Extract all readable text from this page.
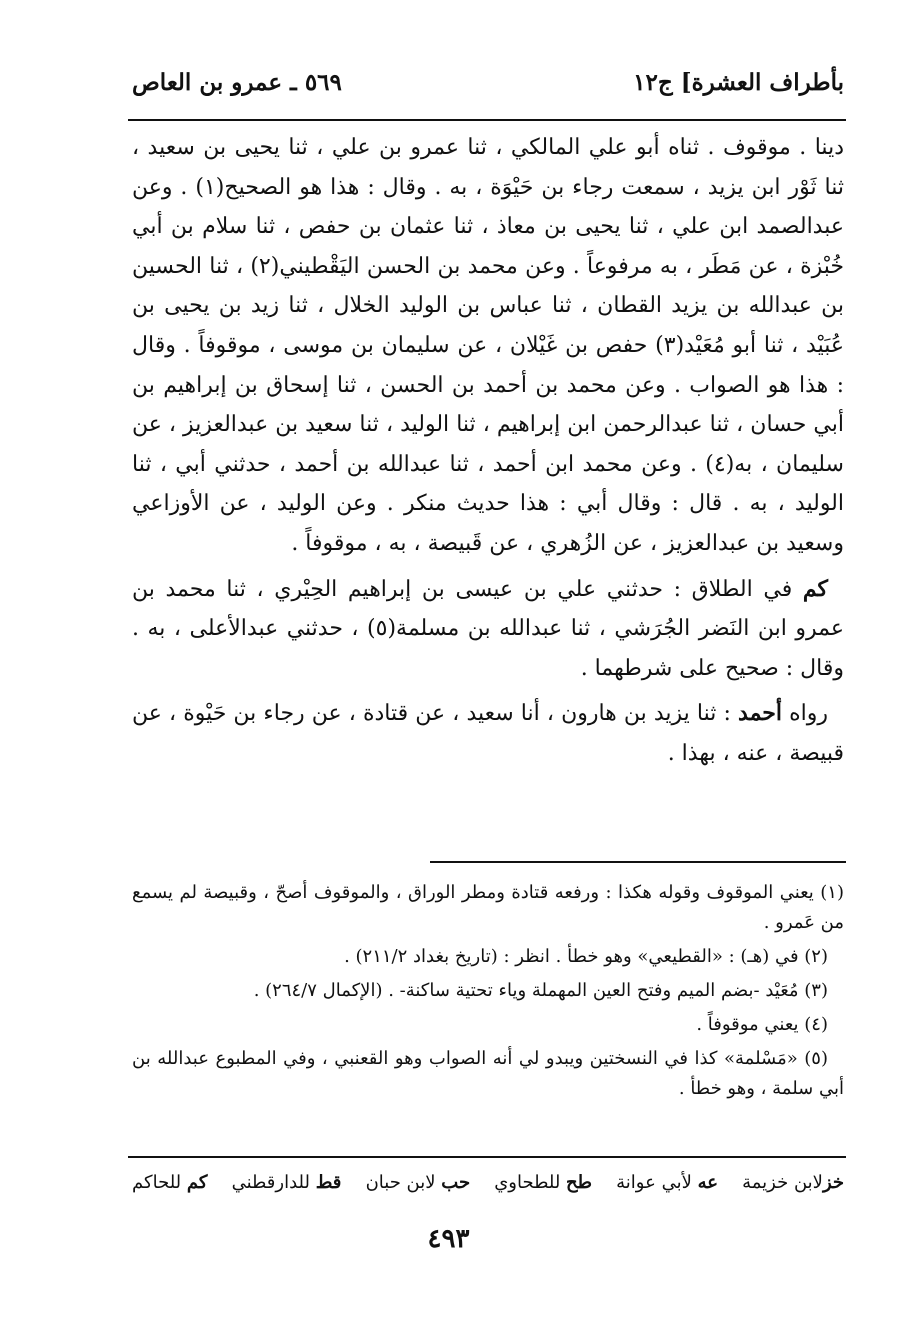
بأطراف العشرة] ج١٢
٥٦٩ ـ عمرو بن العاص

دينا . موقوف . ثناه أبو علي المالكي ، ثنا عمرو بن علي ، ثنا يحيى بن سعيد ، ثنا ثَوْر ابن يزيد ، سمعت رجاء بن حَيْوَة ، به . وقال : هذا هو الصحيح(١) . وعن عبدالصمد ابن علي ، ثنا يحيى بن معاذ ، ثنا عثمان بن حفص ، ثنا سلام بن أبي خُبْزة ، عن مَطَر ، به مرفوعاً . وعن محمد بن الحسن اليَقْطيني(٢) ، ثنا الحسين بن عبدالله بن يزيد القطان ، ثنا عباس بن الوليد الخلال ، ثنا زيد بن يحيى بن عُبَيْد ، ثنا أبو مُعَيْد(٣) حفص بن غَيْلان ، عن سليمان بن موسى ، موقوفاً . وقال : هذا هو الصواب . وعن محمد بن أحمد بن الحسن ، ثنا إسحاق بن إبراهيم بن أبي حسان ، ثنا عبدالرحمن ابن إبراهيم ، ثنا الوليد ، ثنا سعيد بن عبدالعزيز ، عن سليمان ، به(٤) . وعن محمد ابن أحمد ، ثنا عبدالله بن أحمد ، حدثني أبي ، ثنا الوليد ، به . قال : وقال أبي : هذا حديث منكر . وعن الوليد ، عن الأوزاعي وسعيد بن عبدالعزيز ، عن الزُهري ، عن قَبيصة ، به ، موقوفاً .

كم في الطلاق : حدثني علي بن عيسى بن إبراهيم الحِيْري ، ثنا محمد بن عمرو ابن النَضر الجُرَشي ، ثنا عبدالله بن مسلمة(٥) ، حدثني عبدالأعلى ، به . وقال : صحيح على شرطهما .

رواه أحمد : ثنا يزيد بن هارون ، أنا سعيد ، عن قتادة ، عن رجاء بن حَيْوة ، عن قبيصة ، عنه ، بهذا .

(١) يعني الموقوف وقوله هكذا : ورفعه قتادة ومطر الوراق ، والموقوف أصحّ ، وقبيصة لم يسمع من عَمرو .

(٢) في (هـ) : «القطيعي» وهو خطأ . انظر : (تاريخ بغداد ٢١١/٢) .

(٣) مُعَيْد -بضم الميم وفتح العين المهملة وياء تحتية ساكنة- . (الإكمال ٢٦٤/٧) .

(٤) يعني موقوفاً .

(٥) «مَسْلمة» كذا في النسختين ويبدو لي أنه الصواب وهو القعنبي ، وفي المطبوع عبدالله بن أبي سلمة ، وهو خطأ .

خزلابن خزيمة
عه لأبي عوانة
طح للطحاوي
حب لابن حبان
قط للدارقطني
كم للحاكم
٤٩٣
